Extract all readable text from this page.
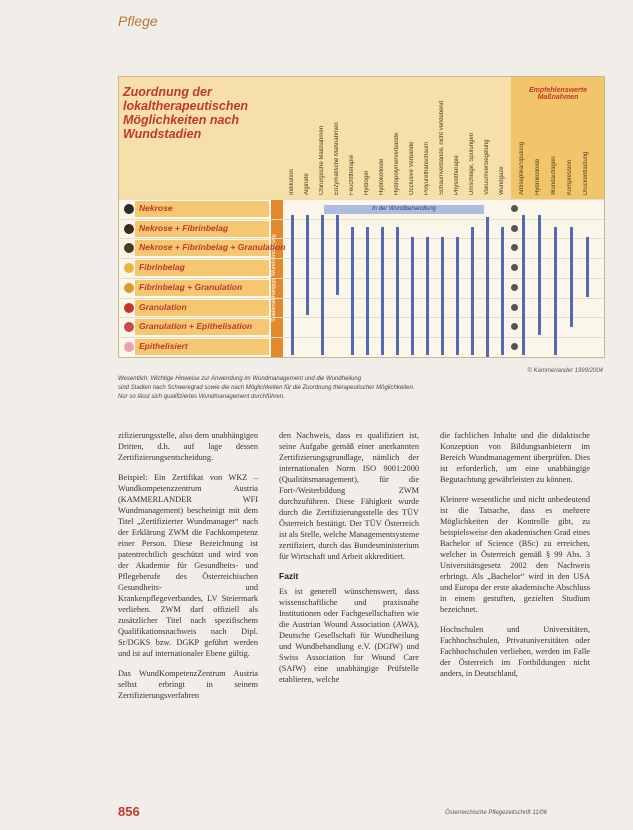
Pflege
Zuordnung der lokaltherapeutischen Möglichkeiten nach Wundstadien
Stadienabhängige Wundversorgung
In der Wundbehandlung
Empfehlenswerte Maßnahmen
Indikation	Alginate	Chirurgische Maßnahmen	Enzymatische Maßnahmen	Feuchttherapie	Hydrogel	Hydrokolloide	Hydropolymerverbände	Occlusive Verbände	Polyurethanschaum	Schaumverbände, nicht verklebend	Physiotherapie	Umschläge, Spülungen	Vakuumversiegelung	Wundgaze	Antiseptika/Spülung	Hydrokolloide	Wundauflagen	Kompression	Druckentlastung
Nekrose
Nekrose + Fibrinbelag
Nekrose + Fibrinbelag + Granulation
Fibrinbelag
Fibrinbelag + Granulation
Granulation
Granulation + Epithelisation
Epithelisiert
© Kammerlander 1999/2004
Wesentlich: Wichtige Hinweise zur Anwendung im Wundmanagement und die Wundheilung
sind Stadien nach Schweregrad sowie die nach Möglichkeiten für die Zuordnung therapeutischer Möglichkeiten.
Nur so lässt sich qualifiziertes Wundmanagement durchführen.

zifizierungsstelle, also dem unabhängigen Dritten, d.h. auf lage dessen Zertifizierungsentscheidung.

Beispiel: Ein Zertifikat von WKZ – Wundkompetenzzentrum Austria (KAMMERLANDER WFI Wundmanagement) bescheinigt mit dem Titel „Zertifizierter Wundmanager“ nach der Erklärung ZWM die Fachkompetenz einer Person. Diese Bezeichnung ist patentrechtlich geschützt und wird von der Akademie für Gesundheits- und Pflegeberufe des Österreichischen Gesundheits- und Krankenpflegeverbandes, LV Steiermark verliehen. ZWM darf offiziell als zusätzlicher Titel nach spezifischem Qualifikationsnachweis nach Dipl. Sr/DGKS bzw. DGKP geführt werden und ist auf internationaler Ebene gültig.

Das WundKompetenzZentrum Austria selbst erbringt in seinem Zertifizierungsverfahren

den Nachweis, dass es qualifiziert ist, seine Aufgabe gemäß einer anerkannten Zertifizierungsgrundlage, nämlich der internationalen Norm ISO 9001:2000 (Qualitätsmanagement), für die Fort-/Weiterbildung ZWM durchzuführen. Diese Fähigkeit wurde durch die Zertifizierungsstelle des TÜV Österreich bestätigt. Der TÜV Österreich ist als Stelle, welche Managementsysteme zertifiziert, durch das Bundesministerium für Wirtschaft und Arbeit akkreditiert.

Fazit

Es ist generell wünschenswert, dass wissenschaftliche und praxisnahe Institutionen oder Fachgesellschaften wie die Austrian Wound Association (AWA), Deutsche Gesellschaft für Wundheilung und Wundbehandlung e.V. (DGfW) und Swiss Association for Wound Care (SAfW) eine unabhängige Prüfstelle etablieren, welche

die fachlichen Inhalte und die didaktische Konzeption von Bildungsanbietern im Bereich Wundmanagement überprüfen. Dies ist erforderlich, um eine unabhängige Begutachtung gewährleisten zu können.

Kleinere wesentliche und nicht unbedeutend ist die Tatsache, dass es mehrere Möglichkeiten der Kontrolle gibt, zu beispielsweise den akademischen Grad eines Bachelor of Science (BSc) zu erreichen, welcher in Österreich gemäß § 99 Abs. 3 Universitätsgesetz 2002 den Nachweis erbringt. Als „Bachelor“ wird in den USA und Europa der erste akademische Abschluss in einem gestuften, gezielten Studium bezeichnet.

Hochschulen und Universitäten, Fachhochschulen, Privatuniversitäten oder Fachhochschulen verliehen, werden im Falle der Österreich im Fortbildungen nicht anders, in Deutschland,

856	Österreichische Pflegezeitschrift 11/06
